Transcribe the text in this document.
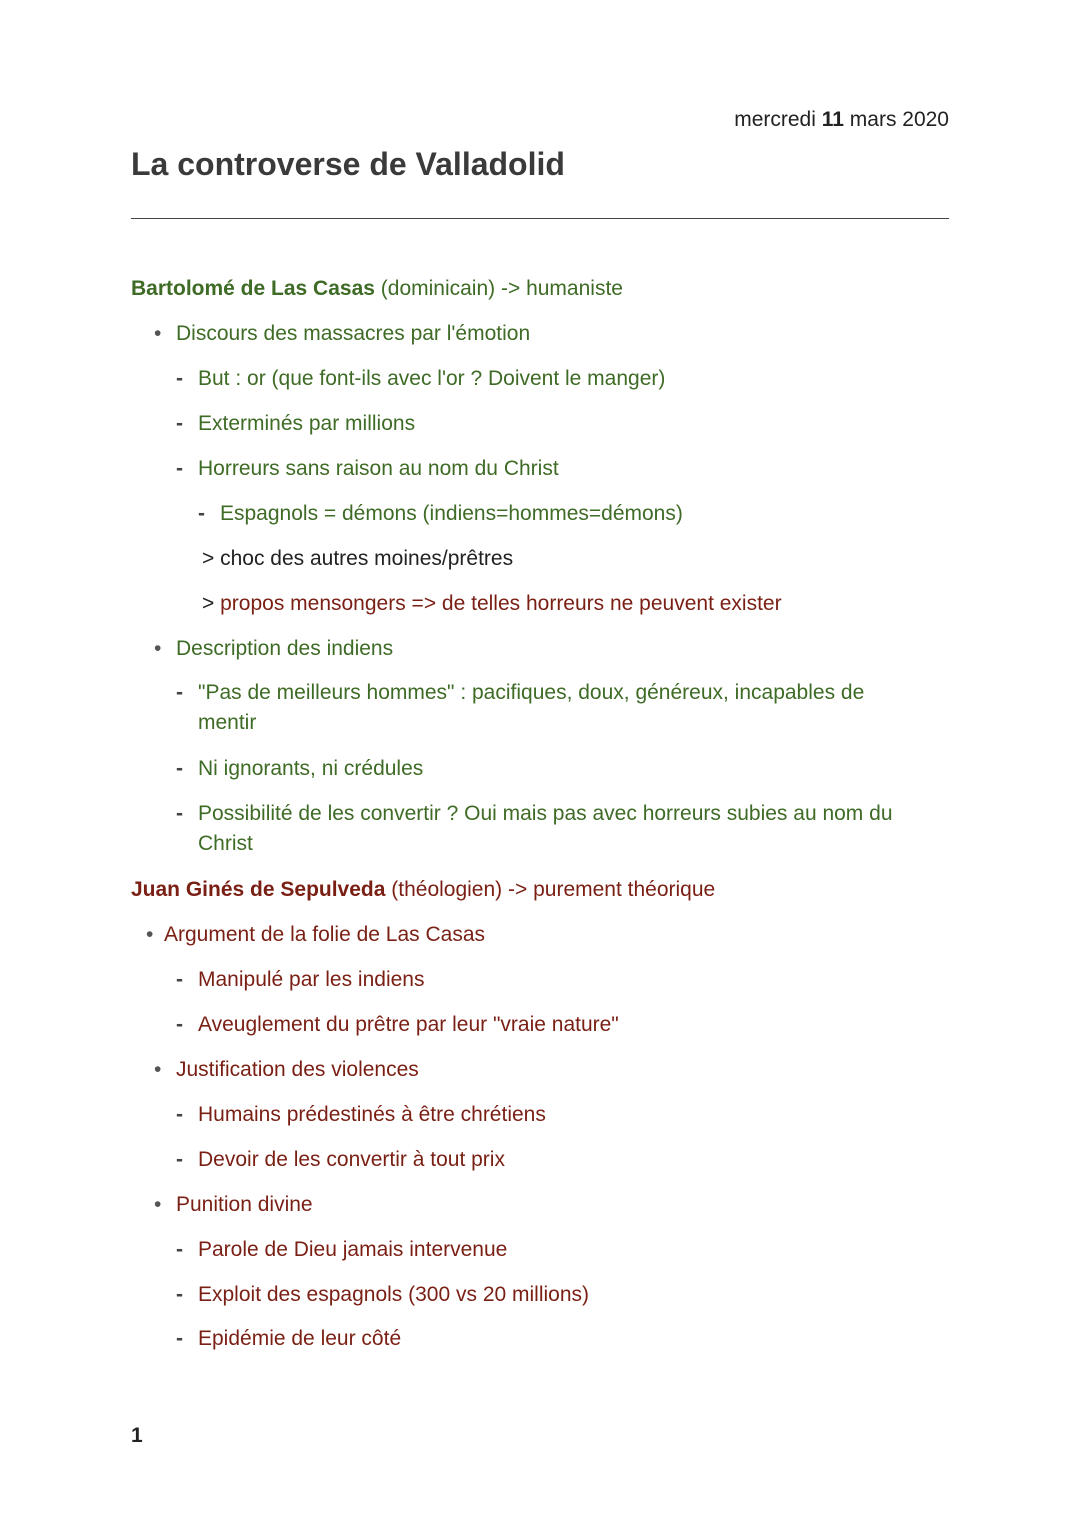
mercredi 11 mars 2020
La controverse de Valladolid
Bartolomé de Las Casas (dominicain) -> humaniste
• Discours des massacres par l'émotion
- But : or (que font-ils avec l'or ? Doivent le manger)
- Exterminés par millions
- Horreurs sans raison au nom du Christ
- Espagnols = démons (indiens=hommes=démons)
> choc des autres moines/prêtres
> propos mensongers => de telles horreurs ne peuvent exister
• Description des indiens
- "Pas de meilleurs hommes" : pacifiques, doux, généreux, incapables de mentir
- Ni ignorants, ni crédules
- Possibilité de les convertir ? Oui mais pas avec horreurs subies au nom du Christ
Juan Ginés de Sepulveda (théologien) -> purement théorique
• Argument de la folie de Las Casas
- Manipulé par les indiens
- Aveuglement du prêtre par leur "vraie nature"
• Justification des violences
- Humains prédestinés à être chrétiens
- Devoir de les convertir à tout prix
• Punition divine
- Parole de Dieu jamais intervenue
- Exploit des espagnols (300 vs 20 millions)
- Epidémie de leur côté
1
